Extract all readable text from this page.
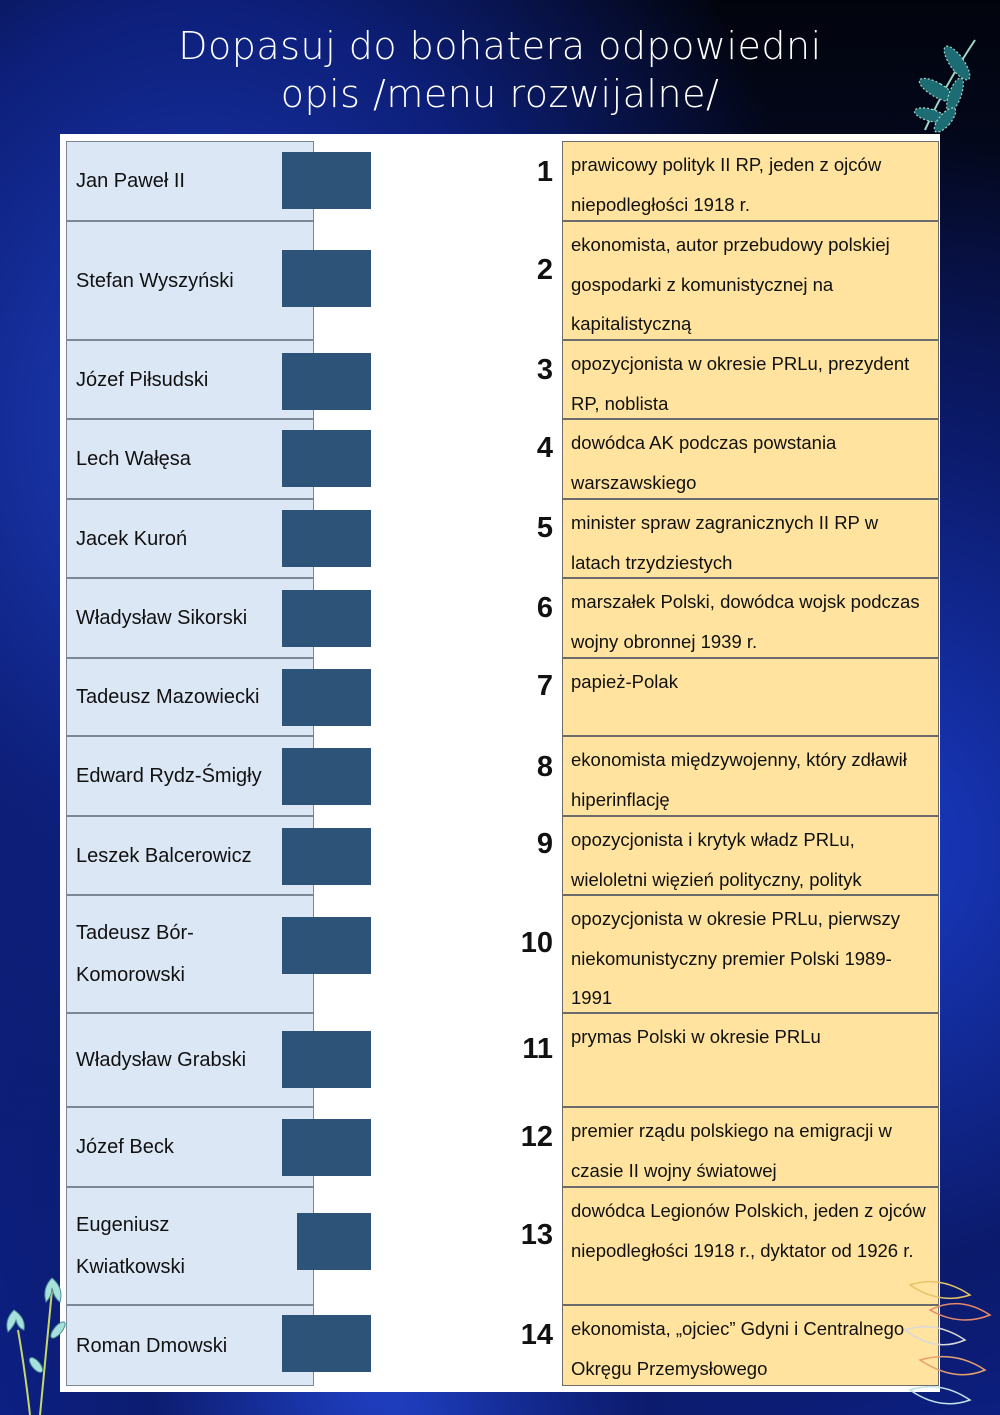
Dopasuj do bohatera odpowiedni
opis /menu rozwijalne/
Jan Paweł II
Stefan Wyszyński
Józef Piłsudski
Lech Wałęsa
Jacek Kuroń
Władysław Sikorski
Tadeusz Mazowiecki
Edward Rydz-Śmigły
Leszek Balcerowicz
Tadeusz Bór-Komorowski
Władysław Grabski
Józef Beck
Eugeniusz Kwiatkowski
Roman Dmowski
1 prawicowy polityk II RP, jeden z ojców niepodległości 1918 r.
2
ekonomista, autor przebudowy polskiej gospodarki z komunistycznej na kapitalistyczną
3 opozycjonista w okresie PRLu, prezydent RP, noblista
4 dowódca AK podczas powstania warszawskiego
5 minister spraw zagranicznych II RP w latach trzydziestych
6 marszałek Polski, dowódca wojsk podczas wojny obronnej 1939 r.
7 papież-Polak
8 ekonomista międzywojenny, który zdławił hiperinflację
9 opozycjonista i krytyk władz PRLu, wieloletni więzień polityczny, polityk
10
opozycjonista w okresie PRLu, pierwszy niekomunistyczny premier Polski 1989-1991
11 prymas Polski w okresie PRLu
12 premier rządu polskiego na emigracji w czasie II wojny światowej
13
dowódca Legionów Polskich, jeden z ojców niepodległości 1918 r., dyktator od 1926 r.
14 ekonomista, „ojciec” Gdyni i Centralnego Okręgu Przemysłowego
